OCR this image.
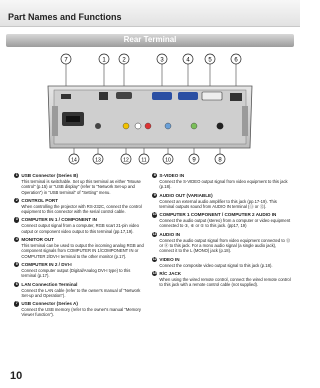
Part Names and Functions
Rear Terminal
7	1	2	3	4	5	6
14	13	12	11	10	9	8
1 USB Connector (Series B)
This terminal is switchable. Set up this terminal as either "Mouse control" (p.15) or "USB display" (refer to "Network Set-up and Operation") in "USB terminal" of "Setting" menu.
2 CONTROL PORT
When controlling the projector with RS-232C, connect the control equipment to this connector with the serial control cable.
3 COMPUTER IN 1 / COMPONENT IN
Connect output signal from a computer, RGB scart 21-pin video output or component video output to this terminal (pp.17,19).
4 MONITOR OUT
This terminal can be used to output the incoming analog RGB and component signals from COMPUTER IN 1/COMPONENT IN or COMPUTER 2/DVI-I terminal to the other monitor (p.17).
5 COMPUTER IN 2 / DVI-I
Connect computer output (Digital/Analog DVI-I type) to this terminal (p.17).
6 LAN Connection Terminal
Connect the LAN cable (refer to the owner's manual of "Network Set-up and Operation").
7 USB Connector (Series A)
Connect the USB memory (refer to the owner's manual "Memory Viewer function").
8 S-VIDEO IN
Connect the S-VIDEO output signal from video equipment to this jack (p.18).
9 AUDIO OUT (VARIABLE)
Connect an external audio amplifier to this jack (pp.17-19). This terminal outputs sound from AUDIO IN terminal (⑪ or ⑫).
10 COMPUTER 1 COMPONENT / COMPUTER 2 AUDIO IN
Connect the audio output (stereo) from a computer or video equipment connected to ③, ⑥ or ⑤ to this jack. (pp17, 19)
11 AUDIO IN
Connect the audio output signal from video equipment connected to ⑬ or ⑧ to this jack. For a mono audio signal (a single audio jack), connect it to the L (MONO) jack (p.18).
12 VIDEO IN
Connect the composite video output signal to this jack (p.18).
13 R/C JACK
When using the wired remote control, connect the wired remote control to this jack with a remote control cable (not supplied).
10
